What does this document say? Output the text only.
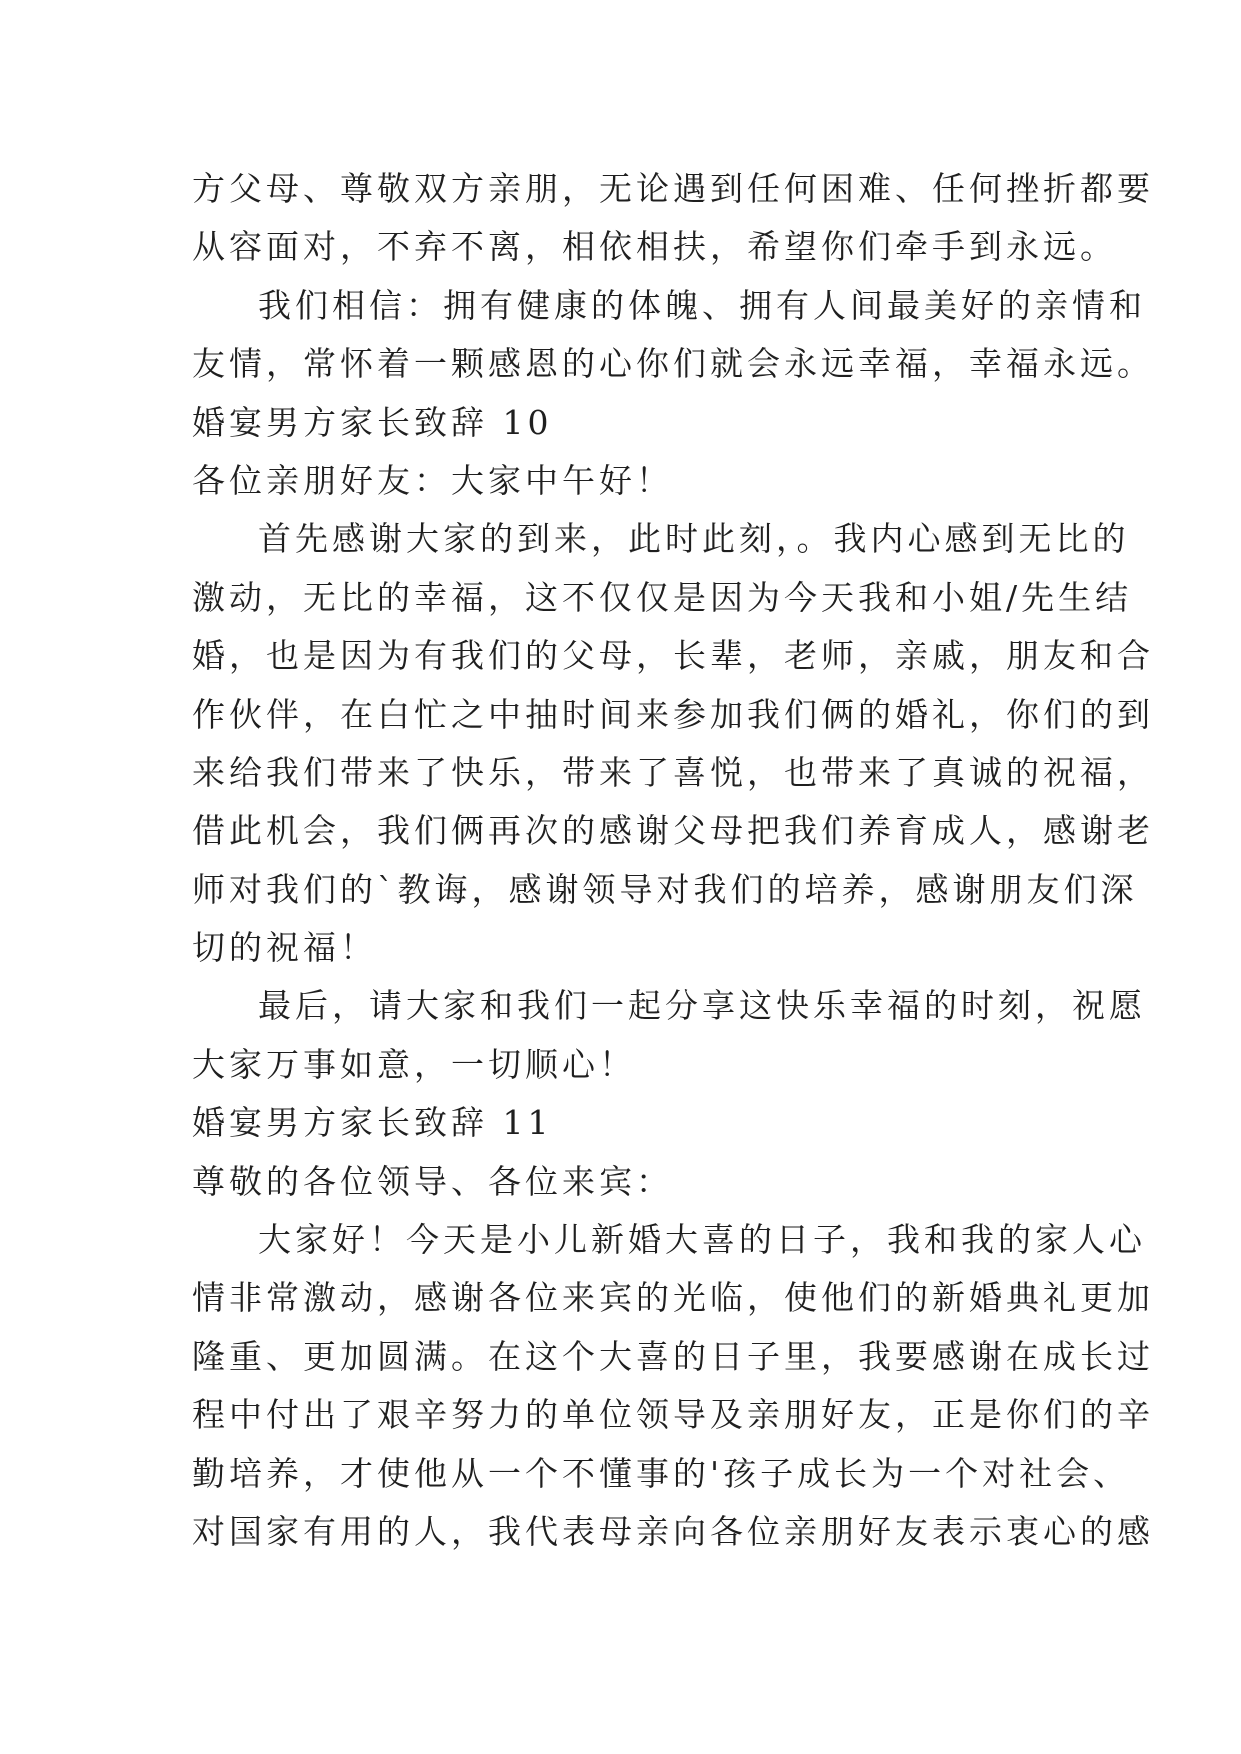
方父母、尊敬双方亲朋，无论遇到任何困难、任何挫折都要
从容面对，不弃不离，相依相扶，希望你们牵手到永远。
我们相信：拥有健康的体魄、拥有人间最美好的亲情和
友情，常怀着一颗感恩的心你们就会永远幸福，幸福永远。
婚宴男方家长致辞 10
各位亲朋好友：大家中午好！
首先感谢大家的到来，此时此刻，。我内心感到无比的
激动，无比的幸福，这不仅仅是因为今天我和小姐/先生结
婚，也是因为有我们的父母，长辈，老师，亲戚，朋友和合
作伙伴，在白忙之中抽时间来参加我们俩的婚礼，你们的到
来给我们带来了快乐，带来了喜悦，也带来了真诚的祝福，
借此机会，我们俩再次的感谢父母把我们养育成人，感谢老
师对我们的`教诲，感谢领导对我们的培养，感谢朋友们深
切的祝福！
最后，请大家和我们一起分享这快乐幸福的时刻，祝愿
大家万事如意，一切顺心！
婚宴男方家长致辞 11
尊敬的各位领导、各位来宾：
大家好！今天是小儿新婚大喜的日子，我和我的家人心
情非常激动，感谢各位来宾的光临，使他们的新婚典礼更加
隆重、更加圆满。在这个大喜的日子里，我要感谢在成长过
程中付出了艰辛努力的单位领导及亲朋好友，正是你们的辛
勤培养，才使他从一个不懂事的'孩子成长为一个对社会、
对国家有用的人，我代表母亲向各位亲朋好友表示衷心的感
